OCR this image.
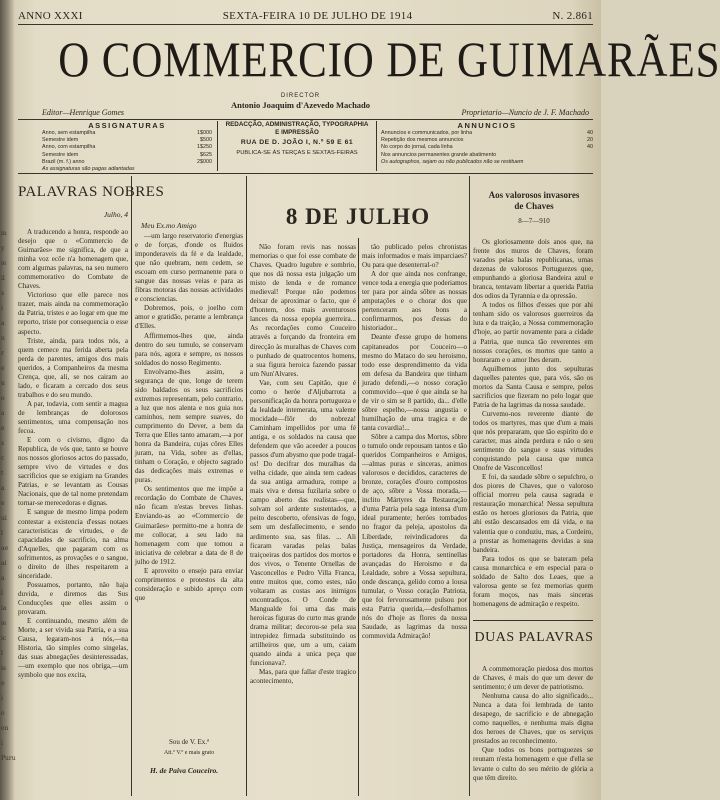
m
y
ie
il
s
i
a
u
r
e
u
o
a
e
s
c
t
a
e
ui
l
ae
ai
a
l
ia
ie
ic
l
is
e
i
e
en
i
Puru
ANNO XXXI	SEXTA-FEIRA 10 DE JULHO DE 1914	N. 2.861
O COMMERCIO DE GUIMARÃES
DIRECTOR
Antonio Joaquim d'Azevedo Machado
Editor—Henrique Gomes	Proprietario—Nuncio de J. F. Machado
ASSIGNATURAS
Anno, sem estampilha	1$000
Semestre idem	$500
Anno, com estampilha	1$250
Semestre idem	$625
Brazil (m. f.) anno	2$000
As assignaturas são pagas adiantadas
REDACÇÃO, ADMINISTRAÇÃO, TYPOGRAPHIA
E IMPRESSÃO
RUA DE D. JOÃO I, N.º 59 E 61
PUBLICA-SE ÁS TERÇAS E SEXTAS-FEIRAS
ANNUNCIOS
Annuncios e communicados, por linha	40
Repetição dos mesmos annuncios	20
No corpo do jornal, cada linha	40
Nos annuncios permanentes grande abatimento
Os autographos, sejam ou não publicados não se restituem
PALAVRAS NOBRES
Julho, 4

A traducendo a honra, responde ao desejo que o «Commercio de Guimarães» me significa, de que a minha voz ecôe n'a homenagem que, com algumas palavras, na seu numero commemorativo do Combate de Chaves.

Victorioso que elle parece nos trazer, mais ainda na commemoração da Patria, tristes e ao logar em que me reporto, triste por consequencia o esse aspecto.

Triste, ainda, para todos nós, a quem cemece ma ferida aberta pela perda de parentes, amigos dos mais queridos, a Companheiros da mesma Crença, que, ali, se nos cairam ao lado, e ficaram a cercado dos seus trabalhos e do seu mundo.

A par, todavia, com sentir a magua de lembranças de dolorosos sentimentos, uma compensação nos fecoa.

E com o civismo, digno da Republica, de vós que, tanto se houve nos nossos gloriosos actos do passado, sempre vivo de virtudes e dos sacrificios que se exigiam na Grandes Patrias, e se levantam as Cousas Nacionais, que de tal nome pretendam tornar-se merecedoras e dignas.

E sangue de mesmo limpa podem contestar a existencia d'essas notaes caracteristicas de virtudes, e de capacidades de sacrificio, na alma d'Aquelles, que pagaram com os sofrimentos, as provações e o sangue, o direito de ilhes respeitarem a sinceridade.

Possuamos, portanto, não haja duvida, e diremos das Sus Conducções que elles assim o provaram.

E continuando, mesmo além de Morte, a ser vivida sua Patria, e a sua Causa, legaram-nos a nós,—na Historia, tão simples como singelas, das suas abnegações desinteressadas,—um exemplo que nos obriga,—um symbolo que nos excita,

Meu Ex.mo Amigo

—um largo reservatorio d'energias e de forças, d'onde os fluidos imponderaveis da fé e da lealdade, que não quebram, nem cedem, se escoam em curso permanente para o sangue das nossas veias e para as fibras motoras das nossas actividades e consciencias.

Dobremos, pois, o joelho com amor e gratidão, perante a lembrança d'Elles.

Affirmemos-lhes que, ainda dentro do seu tumulo, se conservam para nós, agora e sempre, os nossos soldados do nosso Regimento.

Envolvamo-lhes assim, a segurança de que, longe de terem sido baldados os seus sacrificios extremos representam, pelo contrario, a luz que nos alenta e nos guia nos caminhos, nem sempre suaves, do cumprimento do Dever, a bem da Terra que Elles tanto amaram,—a por honra da Bandeira, cujas côres Elles juram, na Vida, sobre as d'ellas, tinham o Coração, e objecto sagrado das dedicações mais extremas e puras.

Os sentimentos que me impõe a recordação do Combate de Chaves, não ficam n'estas breves linhas. Enviando-as ao «Commercio de Guimarães» permitto-me a honra de me collocar, a seu lado na homenagem com que tomou a iniciativa de celebrar a data de 8 de julho de 1912.

E aproveito o ensejo para enviar comprimentos e protestos da alta consideração e subido apreço com que

Sou de V. Ex.ª
Att.º V.º e mais grato
H. de Paiva Couceiro.
8 DE JULHO

Não foram revis nas nossas memorias o que foi esse combate de Chaves. Quadro lugubre e sombrio, que nos dá nossa esta julgação um misto de lenda e de romance medieval! Porque não podemos deixar de aproximar o facto, que é d'hontem, dos mais aventurosos lances da nossa epopéa guerreira... As recordações como Couceiro através a forçando da fronteira em direcção às muralhas de Chaves com o punhado de quatrocentos homens, a sua figura heroica fazendo passar um Nun'Alvares.

Vae, com seu Capitão, que é como o heróe d'Aljubarrota a personificação da honra portugueza e da lealdade intemerata, uma valente mocidade—flôr do nobreza! Caminham impellidos por uma fé antiga, e os soldados na causa que defendem que vão aceeder a poucos passos d'um abysmo que pode tragal-os! Do decifrar dos muralhas da velha cidade, que ainda tem cadeas da sua antiga armadura, rompe a mais viva e densa fuzilaria sobre o campo aberto das realistas—que, solvam sol ardente sustentados, a peito descoberto, ofensivas de fogo, sem um desfallecimento, e sendo ardimento sua, sas filas. ... Ali ficaram varadas pelas balas traiçoeiras dos partidos dos mortos e dos vivos, o Tenente Ornellas de Vasconcellos e Pedro Villa Franca, entre muitos que, como estes, não voltaram as costas aos inimigos encontradiços. O Conde de Mangualde foi uma das mais heroicas figuras do curto mas grande drama militar; decorou-se pela sua intrepidez firmada substituindo os artilheiros que, um a um, caiam quando ainda a unica peça que funcionava?.

Mas, para que fallar d'este tragico acontecimento,

tão publicado pelos chronistas mais informados e mais imparciaes? Ou para que desenterral-o?

A dor que ainda nos confrange, vence toda a energia que poderiamos ter para por ainda sôbre as nossas amputações e o chorar dos que pertenceram aos bons a confirmarmos, pos d'essas do historiador...

Deante d'esse grupo de homens capitaneados por Couceiro—o mesmo do Mataco do seu heroismo, todo esse desprendimento da vida em defesa da Bandeira que tinham jurado defendi,—o nosso coração commovido—que é que ainda se ha de vir o sim se 8 partido, da... d'elle sôbre espelho,—nossa angustia e humilhação de uma tragica e de tanta covardia!...

Sôbre a campa dos Mortos, sôbre o tumulo onde repousam tantos e tão queridos Companheiros e Amigos,—almas puras e sinceras, animos valorosos e decididos, caracteres de bronze, corações d'ouro compostos de aço, sôbre a Vossa morada,—inclito Mártyres da Restauração d'uma Patria pela saga intensa d'um ideal puramente; heróes tombados no fragor da peleja, apostolos da Liberdade, reivindicadores da Justiça, mensageiros da Verdade, portadores da Honra, sentinellas avançadas do Heroismo e da Lealdade, sobre a Vossa sepultura, onde descança, gelido como a lousa tumular, o Vosso coração Patriota, que foi fervorosamente pulsou por esta Patria querida,—desfolhamos nós do d'hoje as flores da nossa Saudade, as lagrimas da nossa commovida Admiração!

Aos valorosos invasores
de Chaves
8—7—910

Os gloriosamente dois anos que, na frente dos muros de Chaves, foram varados pelas balas republicanas, umas dezenas de valorosos Portuguezes que, empunhando a gloriosa Bandeira azul e branca, tentavam libertar a querida Patria dos odios da Tyrannia e da opressão.

A todos os filhos d'esses que por ahi tenham sido os valorosos guerreiros da luta e da traição, a Nossa commemoração d'hoje, ao partir novamente para a cidade a Patria, que nunca tão reverentes em nossos corações, os mortos que tanto a honraram e o amor lhes deram.

Aquilhemos junto dos sepulturas daquelles patentes que, para vós, são os mortos da Santa Causa e sempre, pelos sacrificios que fizeram no pelo logar que Patria de ha lagrimas da nossa saudade.

Curvemo-nos reverente diante de todos os martyres, mas que d'um a mais que nós prepararam, que tão espirito do e caracter, mas ainda perdura e não o seu sentimento do sangue e suas virtudes conquistando pela causa que nunca Onofre de Vasconcellos!

E foi, da saudade sôbre o sepulchro, o dos piores de Chaves, que o valoroso official morreu pela causa sagrada e restauração monarchica! Nessa sepultura estão os heroes gloriosos da Patria, que ahi estão descansados em dá vida, e na valentia que o conduziu, mas, a Cordeiro, a prestar as homenagens devidas a sua bandeira.

Para todos os que se bateram pela causa monarchica e em especial para o soldado de Salto dos Leaes, que a valorosa gente se fez memorias quem foram moços, nas mais sinceras homenagens de admiração e respeito.

DUAS PALAVRAS

A commemoração piedosa dos mortos de Chaves, é mais do que um dever de sentimento; é um dever de patriotismo.

Nenhuma causa do alto significado... Nunca a data foi lembrada de tanto desapego, de sacrificio e de abnegação como naquelles, e nenhuma mais digna dos heroes de Chaves, que os serviços prestados ao reconhecimento.

Que todos os bons portuguezes se reunam n'esta homenagem e que d'ella se levante o culto do seu mérito de glória a que têm direito.
